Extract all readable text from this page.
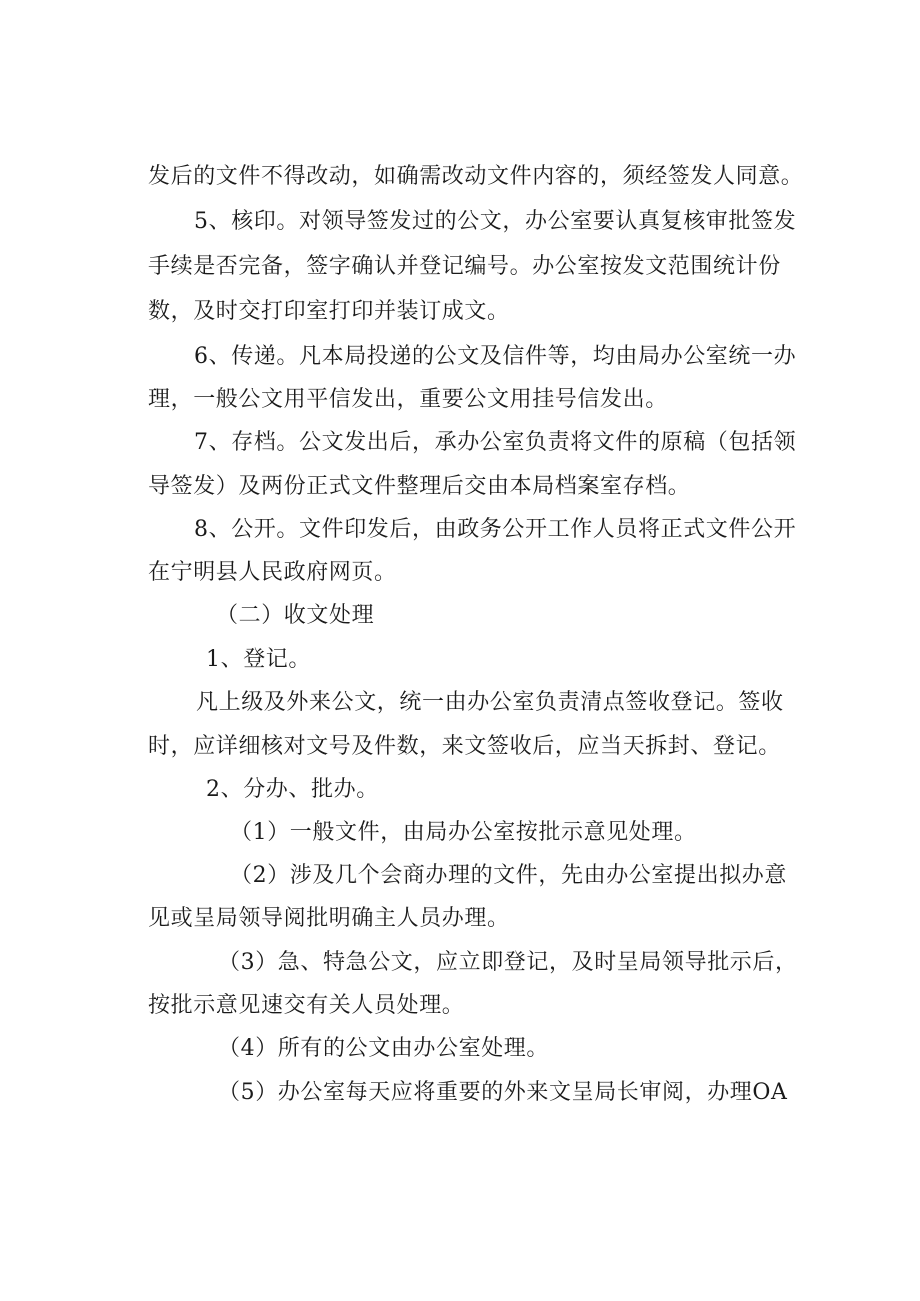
发后的文件不得改动，如确需改动文件内容的，须经签发人同意。
5、核印。对领导签发过的公文，办公室要认真复核审批签发
手续是否完备，签字确认并登记编号。办公室按发文范围统计份
数，及时交打印室打印并装订成文。
6、传递。凡本局投递的公文及信件等，均由局办公室统一办
理，一般公文用平信发出，重要公文用挂号信发出。
7、存档。公文发出后，承办公室负责将文件的原稿（包括领
导签发）及两份正式文件整理后交由本局档案室存档。
8、公开。文件印发后，由政务公开工作人员将正式文件公开
在宁明县人民政府网页。
（二）收文处理
1、登记。
凡上级及外来公文，统一由办公室负责清点签收登记。签收
时，应详细核对文号及件数，来文签收后，应当天拆封、登记。
2、分办、批办。
（1）一般文件，由局办公室按批示意见处理。
（2）涉及几个会商办理的文件，先由办公室提出拟办意
见或呈局领导阅批明确主人员办理。
（3）急、特急公文，应立即登记，及时呈局领导批示后，
按批示意见速交有关人员处理。
（4）所有的公文由办公室处理。
（5）办公室每天应将重要的外来文呈局长审阅，办理OA
